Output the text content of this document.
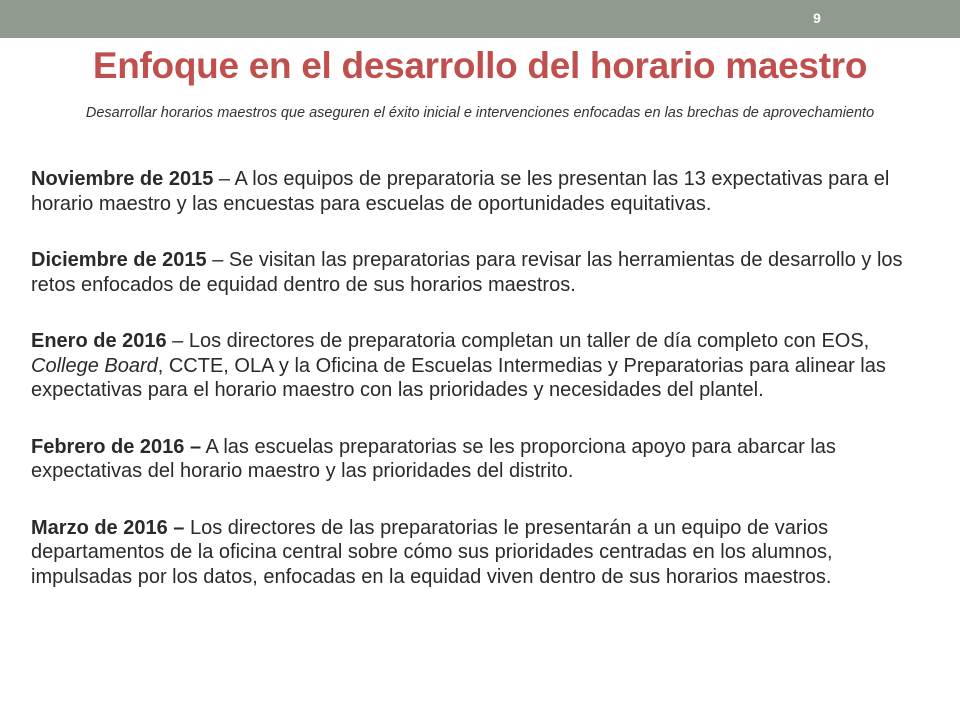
9
Enfoque en el desarrollo del horario maestro
Desarrollar horarios maestros que aseguren el éxito inicial e intervenciones enfocadas en las brechas de aprovechamiento

Noviembre de 2015 – A los equipos de preparatoria se les presentan las 13 expectativas para el horario maestro y las encuestas para escuelas de oportunidades equitativas.

Diciembre de 2015 – Se visitan las preparatorias para revisar las herramientas de desarrollo y los retos enfocados de equidad dentro de sus horarios maestros.

Enero de 2016 – Los directores de preparatoria completan un taller de día completo con EOS, College Board, CCTE, OLA y la Oficina de Escuelas Intermedias y Preparatorias para alinear las expectativas para el horario maestro con las prioridades y necesidades del plantel.

Febrero de 2016 – A las escuelas preparatorias se les proporciona apoyo para abarcar las expectativas del horario maestro y las prioridades del distrito.

Marzo de 2016 – Los directores de las preparatorias le presentarán a un equipo de varios departamentos de la oficina central sobre cómo sus prioridades centradas en los alumnos, impulsadas por los datos, enfocadas en la equidad viven dentro de sus horarios maestros.
